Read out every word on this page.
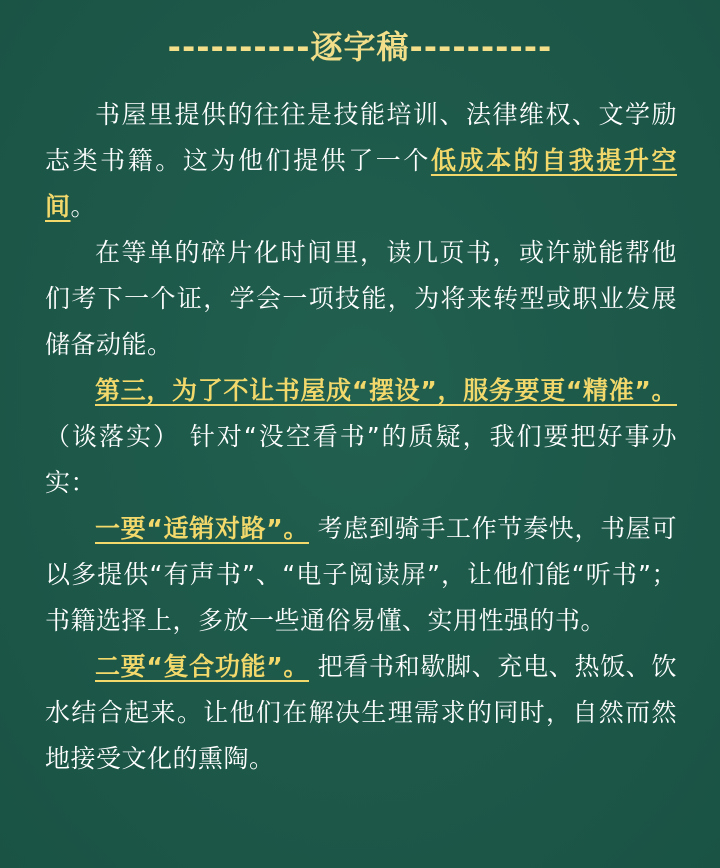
----------逐字稿----------

书屋里提供的往往是技能培训、法律维权、文学励志类书籍。这为他们提供了一个低成本的自我提升空间。

在等单的碎片化时间里，读几页书，或许就能帮他们考下一个证，学会一项技能，为将来转型或职业发展储备动能。

第三，为了不让书屋成“摆设”，服务要更“精准”。（谈落实） 针对“没空看书”的质疑，我们要把好事办实：

一要“适销对路”。 考虑到骑手工作节奏快，书屋可以多提供“有声书”、“电子阅读屏”，让他们能“听书”；书籍选择上，多放一些通俗易懂、实用性强的书。

二要“复合功能”。 把看书和歇脚、充电、热饭、饮水结合起来。让他们在解决生理需求的同时，自然而然地接受文化的熏陶。
